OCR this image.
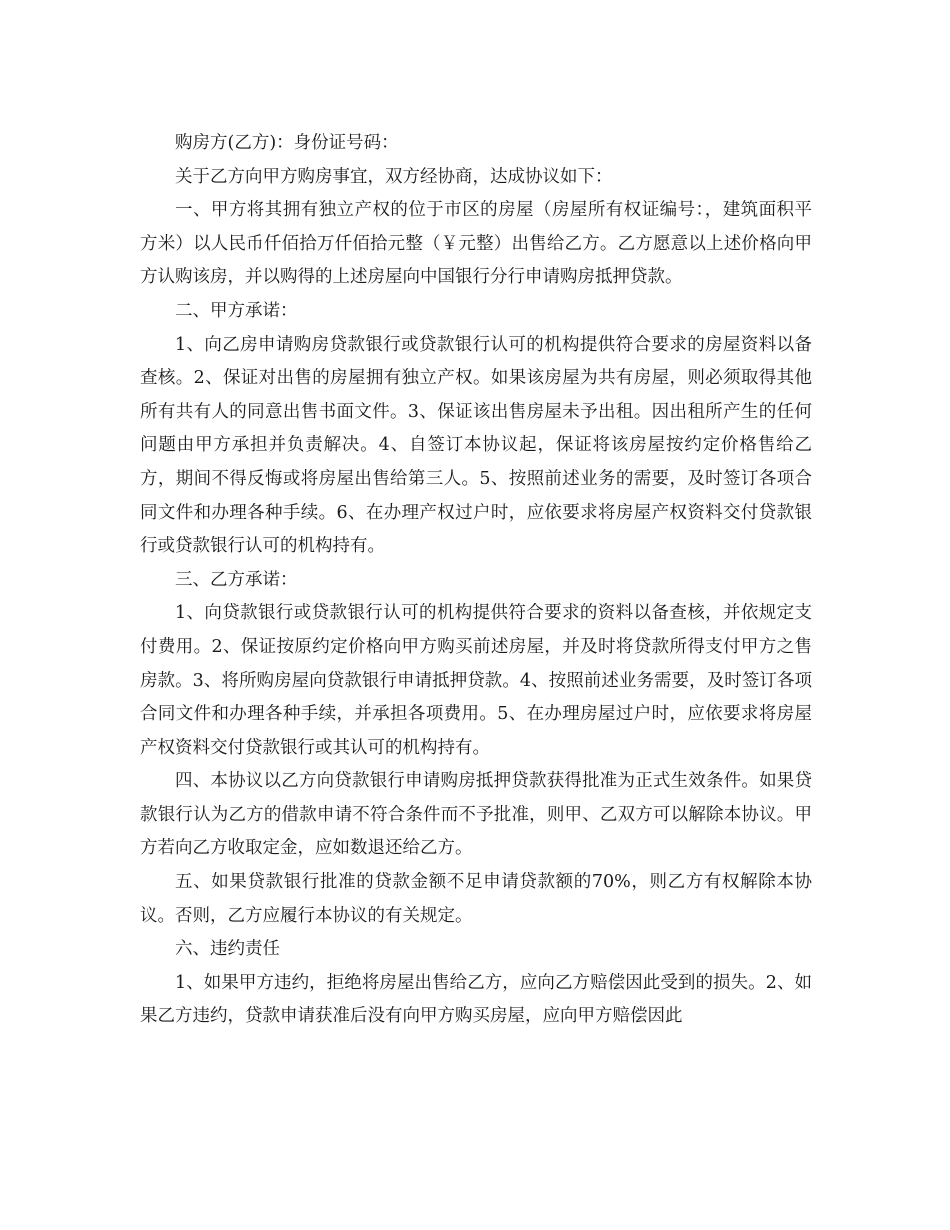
购房方(乙方)：身份证号码：

关于乙方向甲方购房事宜，双方经协商，达成协议如下：

一、甲方将其拥有独立产权的位于市区的房屋（房屋所有权证编号：，建筑面积平方米）以人民币仟佰拾万仟佰拾元整（￥元整）出售给乙方。乙方愿意以上述价格向甲方认购该房，并以购得的上述房屋向中国银行分行申请购房抵押贷款。

二、甲方承诺：

1、向乙房申请购房贷款银行或贷款银行认可的机构提供符合要求的房屋资料以备查核。2、保证对出售的房屋拥有独立产权。如果该房屋为共有房屋，则必须取得其他所有共有人的同意出售书面文件。3、保证该出售房屋未予出租。因出租所产生的任何问题由甲方承担并负责解决。4、自签订本协议起，保证将该房屋按约定价格售给乙方，期间不得反悔或将房屋出售给第三人。5、按照前述业务的需要，及时签订各项合同文件和办理各种手续。6、在办理产权过户时，应依要求将房屋产权资料交付贷款银行或贷款银行认可的机构持有。

三、乙方承诺：

1、向贷款银行或贷款银行认可的机构提供符合要求的资料以备查核，并依规定支付费用。2、保证按原约定价格向甲方购买前述房屋，并及时将贷款所得支付甲方之售房款。3、将所购房屋向贷款银行申请抵押贷款。4、按照前述业务需要，及时签订各项合同文件和办理各种手续，并承担各项费用。5、在办理房屋过户时，应依要求将房屋产权资料交付贷款银行或其认可的机构持有。

四、本协议以乙方向贷款银行申请购房抵押贷款获得批准为正式生效条件。如果贷款银行认为乙方的借款申请不符合条件而不予批准，则甲、乙双方可以解除本协议。甲方若向乙方收取定金，应如数退还给乙方。

五、如果贷款银行批准的贷款金额不足申请贷款额的70%，则乙方有权解除本协议。否则，乙方应履行本协议的有关规定。

六、违约责任

1、如果甲方违约，拒绝将房屋出售给乙方，应向乙方赔偿因此受到的损失。2、如果乙方违约，贷款申请获准后没有向甲方购买房屋，应向甲方赔偿因此
